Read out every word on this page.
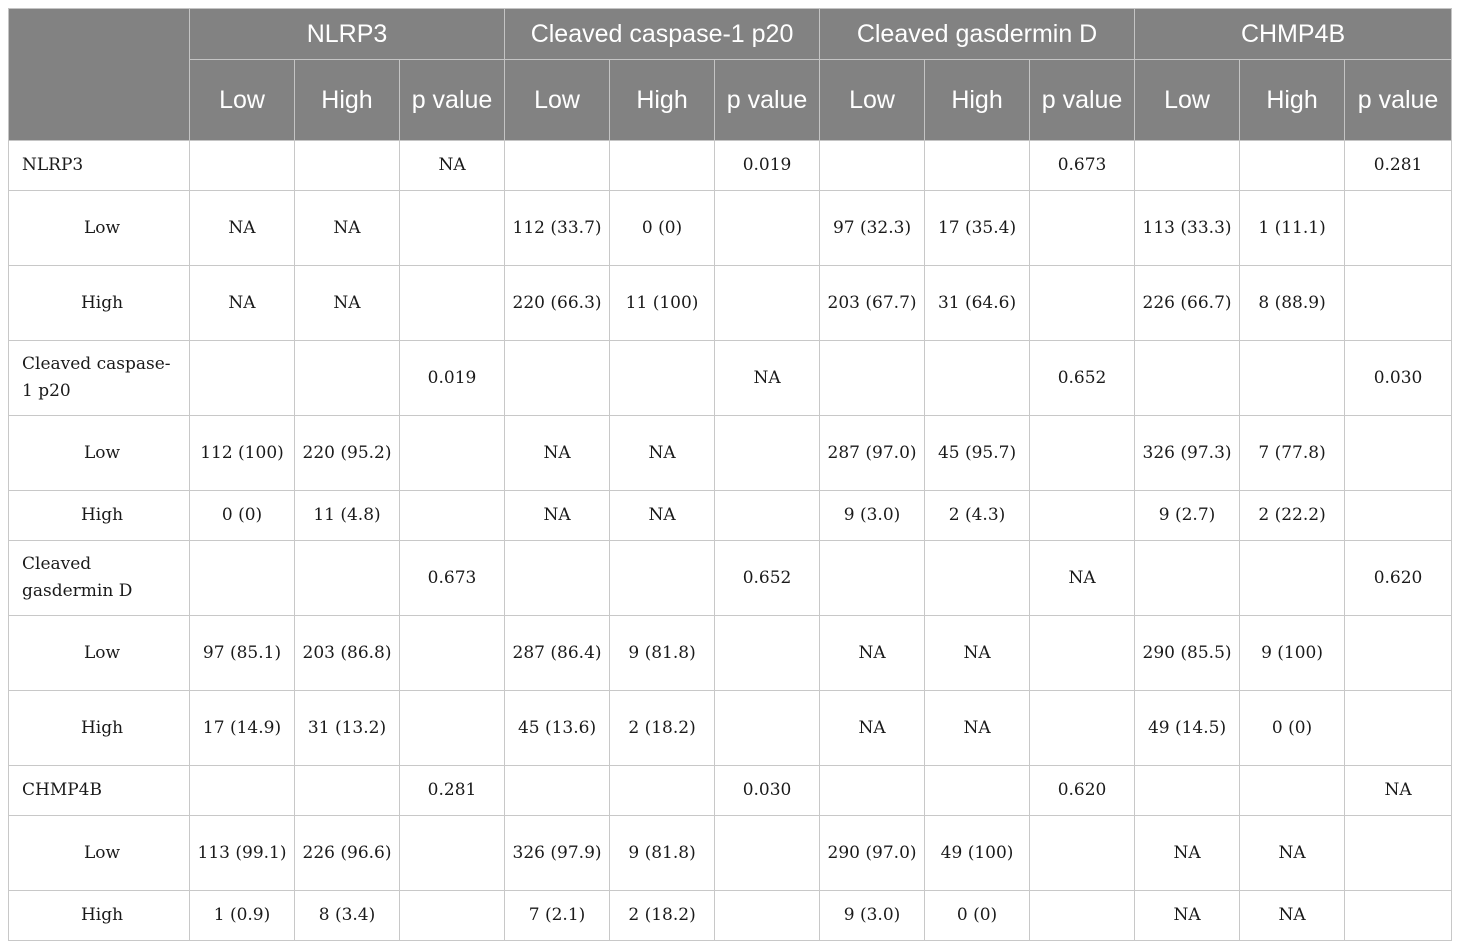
	NLRP3			Cleaved caspase-1 p20			Cleaved gasdermin D			CHMP4B		
	Low	High	p value	Low	High	p value	Low	High	p value	Low	High	p value
NLRP3			NA			0.019			0.673			0.281
Low	NA	NA		112 (33.7)	0 (0)		97 (32.3)	17 (35.4)		113 (33.3)	1 (11.1)	
High	NA	NA		220 (66.3)	11 (100)		203 (67.7)	31 (64.6)		226 (66.7)	8 (88.9)	
Cleaved caspase-1 p20			0.019			NA			0.652			0.030
Low	112 (100)	220 (95.2)		NA	NA		287 (97.0)	45 (95.7)		326 (97.3)	7 (77.8)	
High	0 (0)	11 (4.8)		NA	NA		9 (3.0)	2 (4.3)		9 (2.7)	2 (22.2)	
Cleaved gasdermin D			0.673			0.652			NA			0.620
Low	97 (85.1)	203 (86.8)		287 (86.4)	9 (81.8)		NA	NA		290 (85.5)	9 (100)	
High	17 (14.9)	31 (13.2)		45 (13.6)	2 (18.2)		NA	NA		49 (14.5)	0 (0)	
CHMP4B			0.281			0.030			0.620			NA
Low	113 (99.1)	226 (96.6)		326 (97.9)	9 (81.8)		290 (97.0)	49 (100)		NA	NA	
High	1 (0.9)	8 (3.4)		7 (2.1)	2 (18.2)		9 (3.0)	0 (0)		NA	NA	
